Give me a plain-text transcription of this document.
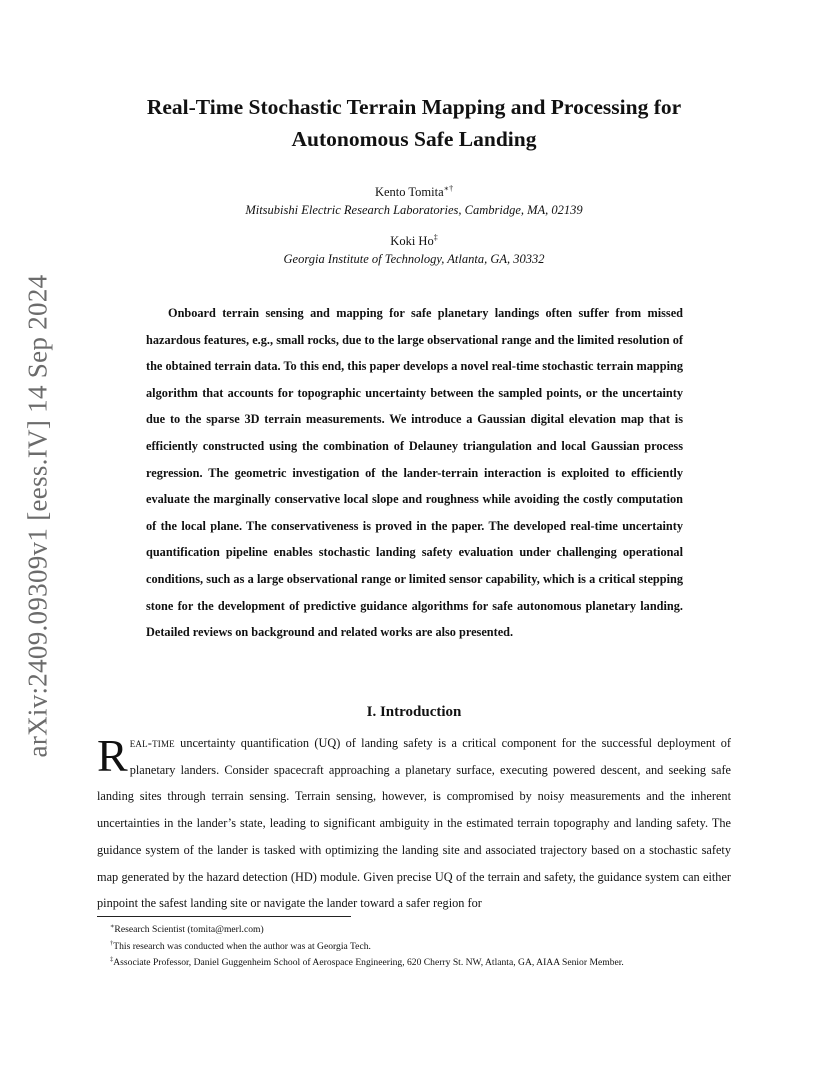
arXiv:2409.09309v1 [eess.IV] 14 Sep 2024
Real-Time Stochastic Terrain Mapping and Processing for
Autonomous Safe Landing
Kento Tomita∗†
Mitsubishi Electric Research Laboratories, Cambridge, MA, 02139
Koki Ho‡
Georgia Institute of Technology, Atlanta, GA, 30332

Onboard terrain sensing and mapping for safe planetary landings often suffer from missed hazardous features, e.g., small rocks, due to the large observational range and the limited resolution of the obtained terrain data. To this end, this paper develops a novel real-time stochastic terrain mapping algorithm that accounts for topographic uncertainty between the sampled points, or the uncertainty due to the sparse 3D terrain measurements. We introduce a Gaussian digital elevation map that is efficiently constructed using the combination of Delauney triangulation and local Gaussian process regression. The geometric investigation of the lander-terrain interaction is exploited to efficiently evaluate the marginally conservative local slope and roughness while avoiding the costly computation of the local plane. The conservativeness is proved in the paper. The developed real-time uncertainty quantification pipeline enables stochastic landing safety evaluation under challenging operational conditions, such as a large observational range or limited sensor capability, which is a critical stepping stone for the development of predictive guidance algorithms for safe autonomous planetary landing. Detailed reviews on background and related works are also presented.

I. Introduction

Real-time uncertainty quantification (UQ) of landing safety is a critical component for the successful deployment of planetary landers. Consider spacecraft approaching a planetary surface, executing powered descent, and seeking safe landing sites through terrain sensing. Terrain sensing, however, is compromised by noisy measurements and the inherent uncertainties in the lander’s state, leading to significant ambiguity in the estimated terrain topography and landing safety. The guidance system of the lander is tasked with optimizing the landing site and associated trajectory based on a stochastic safety map generated by the hazard detection (HD) module. Given precise UQ of the terrain and safety, the guidance system can either pinpoint the safest landing site or navigate the lander toward a safer region for

∗Research Scientist (tomita@merl.com)
†This research was conducted when the author was at Georgia Tech.
‡Associate Professor, Daniel Guggenheim School of Aerospace Engineering, 620 Cherry St. NW, Atlanta, GA, AIAA Senior Member.
